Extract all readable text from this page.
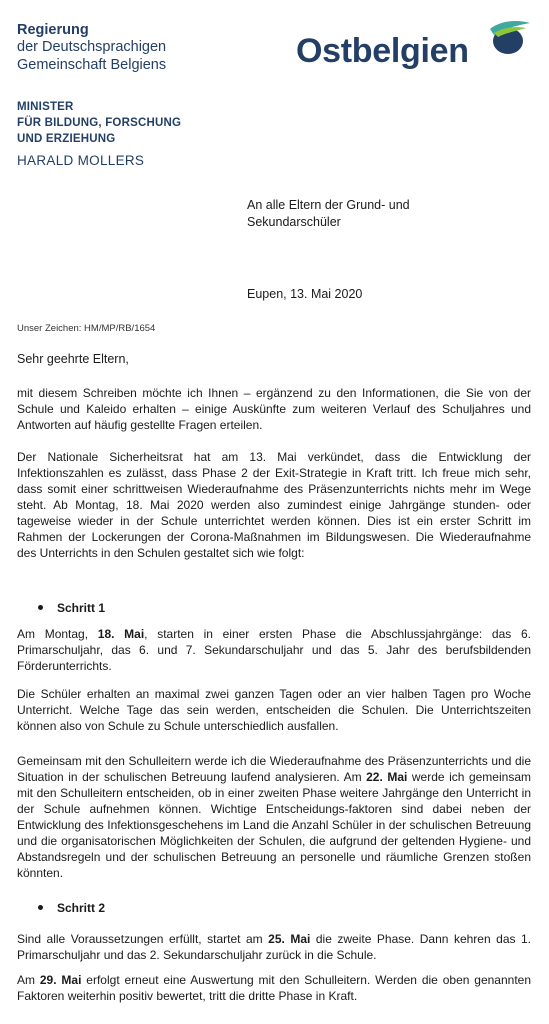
Regierung
der Deutschsprachigen
Gemeinschaft Belgiens
MINISTER
FÜR BILDUNG, FORSCHUNG
UND ERZIEHUNG
HARALD MOLLERS
Ostbelgien
An alle Eltern der Grund- und
Sekundarschüler
Eupen, 13. Mai 2020
Unser Zeichen: HM/MP/RB/1654
Sehr geehrte Eltern,
mit diesem Schreiben möchte ich Ihnen – ergänzend zu den Informationen, die Sie von der Schule und Kaleido erhalten – einige Auskünfte zum weiteren Verlauf des Schuljahres und Antworten auf häufig gestellte Fragen erteilen.
Der Nationale Sicherheitsrat hat am 13. Mai verkündet, dass die Entwicklung der Infektionszahlen es zulässt, dass Phase 2 der Exit-Strategie in Kraft tritt. Ich freue mich sehr, dass somit einer schrittweisen Wiederaufnahme des Präsenzunterrichts nichts mehr im Wege steht. Ab Montag, 18. Mai 2020 werden also zumindest einige Jahrgänge stunden- oder tageweise wieder in der Schule unterrichtet werden können. Dies ist ein erster Schritt im Rahmen der Lockerungen der Corona-Maßnahmen im Bildungswesen. Die Wiederaufnahme des Unterrichts in den Schulen gestaltet sich wie folgt:
Schritt 1
Am Montag, 18. Mai, starten in einer ersten Phase die Abschlussjahrgänge: das 6. Primarschuljahr, das 6. und 7. Sekundarschuljahr und das 5. Jahr des berufsbildenden Förderunterrichts.
Die Schüler erhalten an maximal zwei ganzen Tagen oder an vier halben Tagen pro Woche Unterricht. Welche Tage das sein werden, entscheiden die Schulen. Die Unterrichtszeiten können also von Schule zu Schule unterschiedlich ausfallen.
Gemeinsam mit den Schulleitern werde ich die Wiederaufnahme des Präsenzunterrichts und die Situation in der schulischen Betreuung laufend analysieren. Am 22. Mai werde ich gemeinsam mit den Schulleitern entscheiden, ob in einer zweiten Phase weitere Jahrgänge den Unterricht in der Schule aufnehmen können. Wichtige Entscheidungs-faktoren sind dabei neben der Entwicklung des Infektionsgeschehens im Land die Anzahl Schüler in der schulischen Betreuung und die organisatorischen Möglichkeiten der Schulen, die aufgrund der geltenden Hygiene- und Abstandsregeln und der schulischen Betreuung an personelle und räumliche Grenzen stoßen könnten.
Schritt 2
Sind alle Voraussetzungen erfüllt, startet am 25. Mai die zweite Phase. Dann kehren das 1. Primarschuljahr und das 2. Sekundarschuljahr zurück in die Schule.
Am 29. Mai erfolgt erneut eine Auswertung mit den Schulleitern. Werden die oben genannten Faktoren weiterhin positiv bewertet, tritt die dritte Phase in Kraft.
